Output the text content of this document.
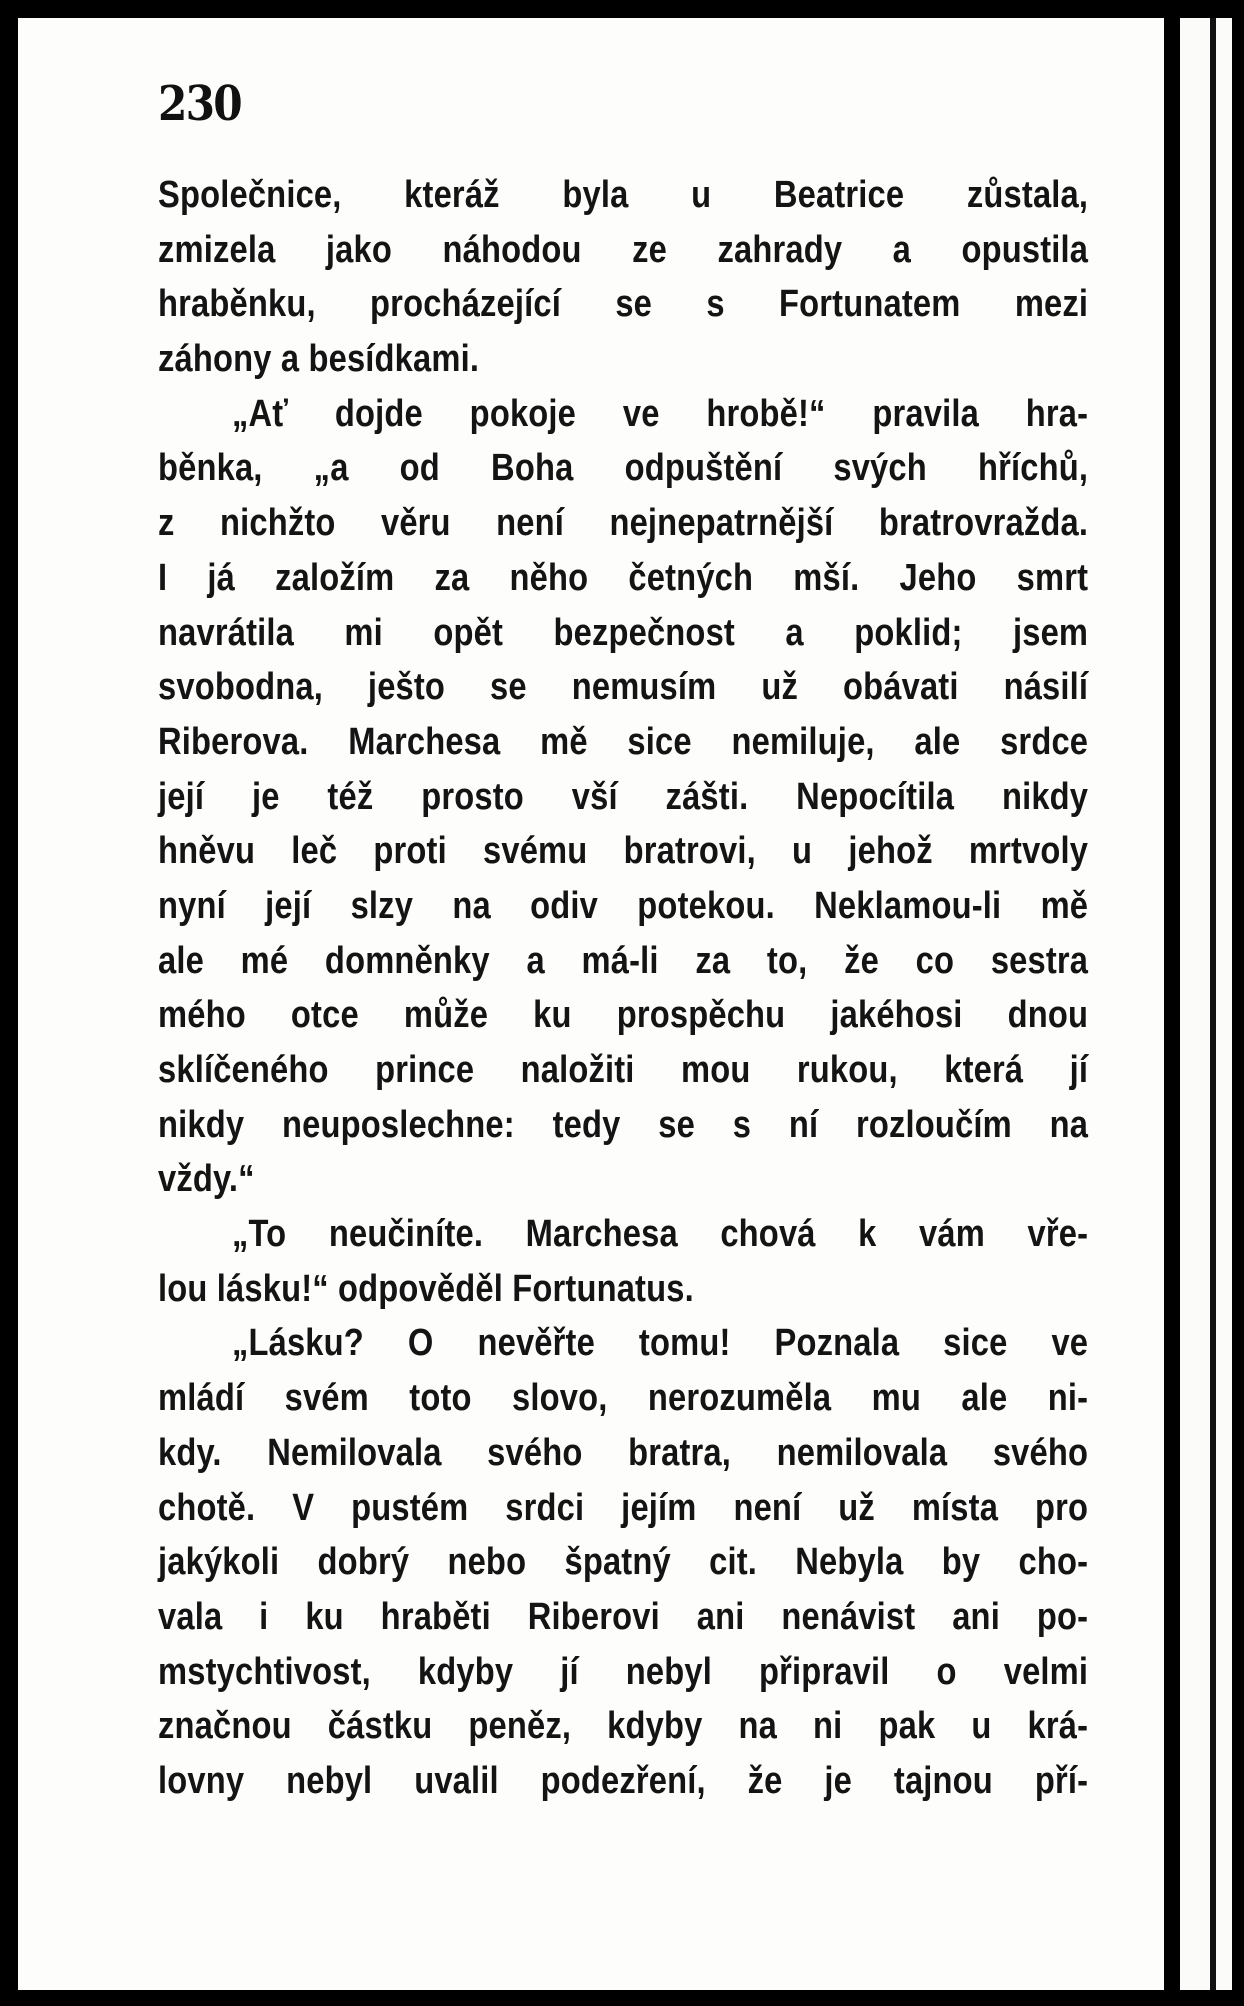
230
Společnice, kteráž byla u Beatrice zůstala,
zmizela jako náhodou ze zahrady a opustila
hraběnku, procházející se s Fortunatem mezi
záhony a besídkami.
„Ať dojde pokoje ve hrobě!“ pravila hra-
běnka, „a od Boha odpuštění svých hříchů,
z nichžto věru není nejnepatrnější bratrovražda.
I já založím za něho četných mší. Jeho smrt
navrátila mi opět bezpečnost a poklid; jsem
svobodna, ješto se nemusím už obávati násilí
Riberova. Marchesa mě sice nemiluje, ale srdce
její je též prosto vší zášti. Nepocítila nikdy
hněvu leč proti svému bratrovi, u jehož mrtvoly
nyní její slzy na odiv potekou. Neklamou-li mě
ale mé domněnky a má-li za to, že co sestra
mého otce může ku prospěchu jakéhosi dnou
sklíčeného prince naložiti mou rukou, která jí
nikdy neuposlechne: tedy se s ní rozloučím na
vždy.“
„To neučiníte. Marchesa chová k vám vře-
lou lásku!“ odpověděl Fortunatus.
„Lásku? O nevěřte tomu! Poznala sice ve
mládí svém toto slovo, nerozuměla mu ale ni-
kdy. Nemilovala svého bratra, nemilovala svého
chotě. V pustém srdci jejím není už místa pro
jakýkoli dobrý nebo špatný cit. Nebyla by cho-
vala i ku hraběti Riberovi ani nenávist ani po-
mstychtivost, kdyby jí nebyl připravil o velmi
značnou částku peněz, kdyby na ni pak u krá-
lovny nebyl uvalil podezření, že je tajnou pří-
